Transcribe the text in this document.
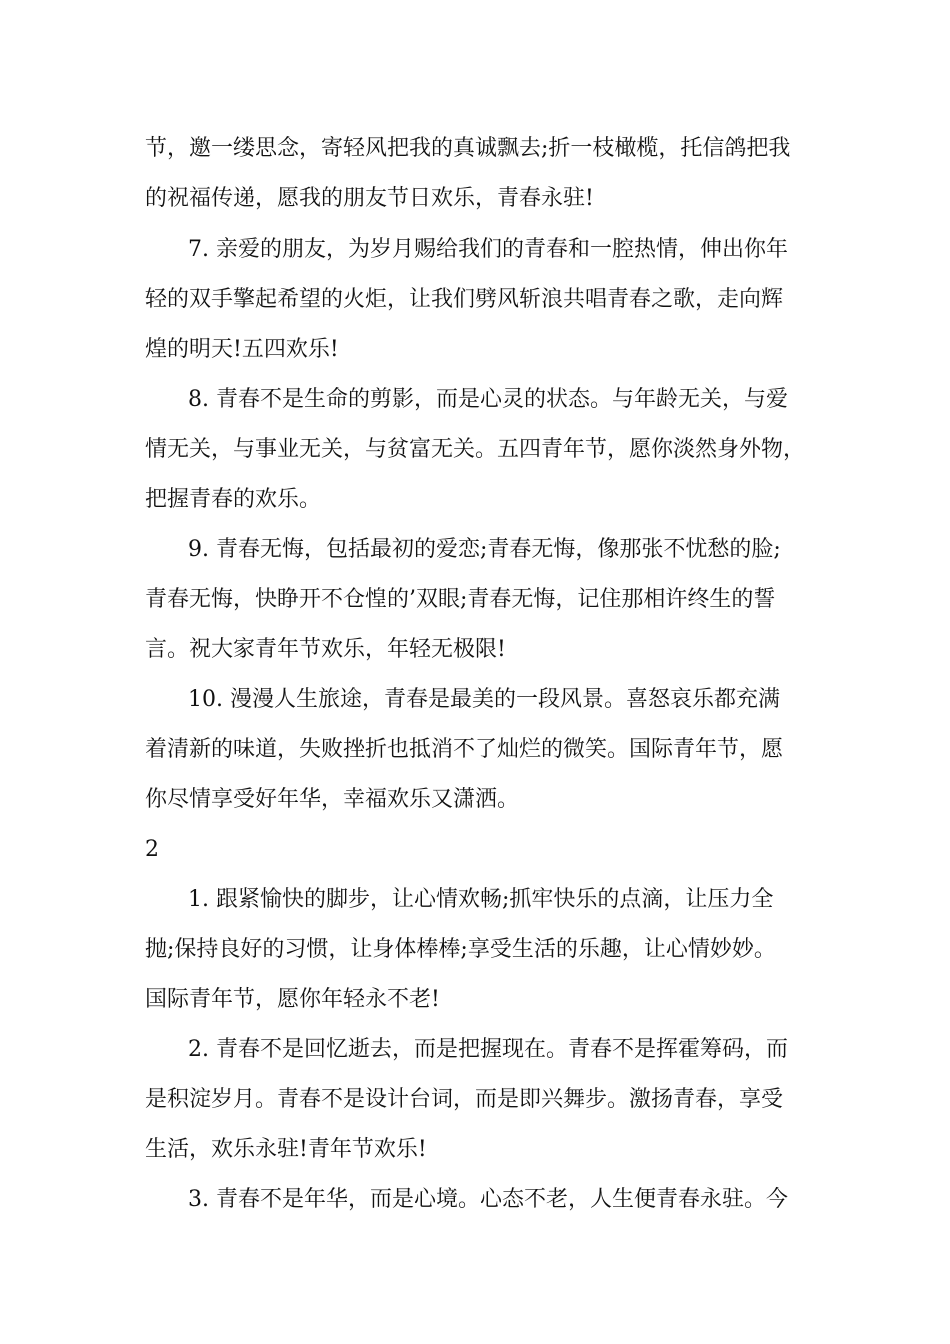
节，邀一缕思念，寄轻风把我的真诚飘去;折一枝橄榄，托信鸽把我
的祝福传递，愿我的朋友节日欢乐，青春永驻!
7. 亲爱的朋友，为岁月赐给我们的青春和一腔热情，伸出你年
轻的双手擎起希望的火炬，让我们劈风斩浪共唱青春之歌，走向辉
煌的明天!五四欢乐!
8. 青春不是生命的剪影，而是心灵的状态。与年龄无关，与爱
情无关，与事业无关，与贫富无关。五四青年节，愿你淡然身外物，
把握青春的欢乐。
9. 青春无悔，包括最初的爱恋;青春无悔，像那张不忧愁的脸;
青春无悔，快睁开不仓惶的’双眼;青春无悔，记住那相许终生的誓
言。祝大家青年节欢乐，年轻无极限!
10. 漫漫人生旅途，青春是最美的一段风景。喜怒哀乐都充满
着清新的味道，失败挫折也抵消不了灿烂的微笑。国际青年节，愿
你尽情享受好年华，幸福欢乐又潇洒。
2
1. 跟紧愉快的脚步，让心情欢畅;抓牢快乐的点滴，让压力全
抛;保持良好的习惯，让身体棒棒;享受生活的乐趣，让心情妙妙。
国际青年节，愿你年轻永不老!
2. 青春不是回忆逝去，而是把握现在。青春不是挥霍筹码，而
是积淀岁月。青春不是设计台词，而是即兴舞步。激扬青春，享受
生活，欢乐永驻!青年节欢乐!
3. 青春不是年华，而是心境。心态不老，人生便青春永驻。今
